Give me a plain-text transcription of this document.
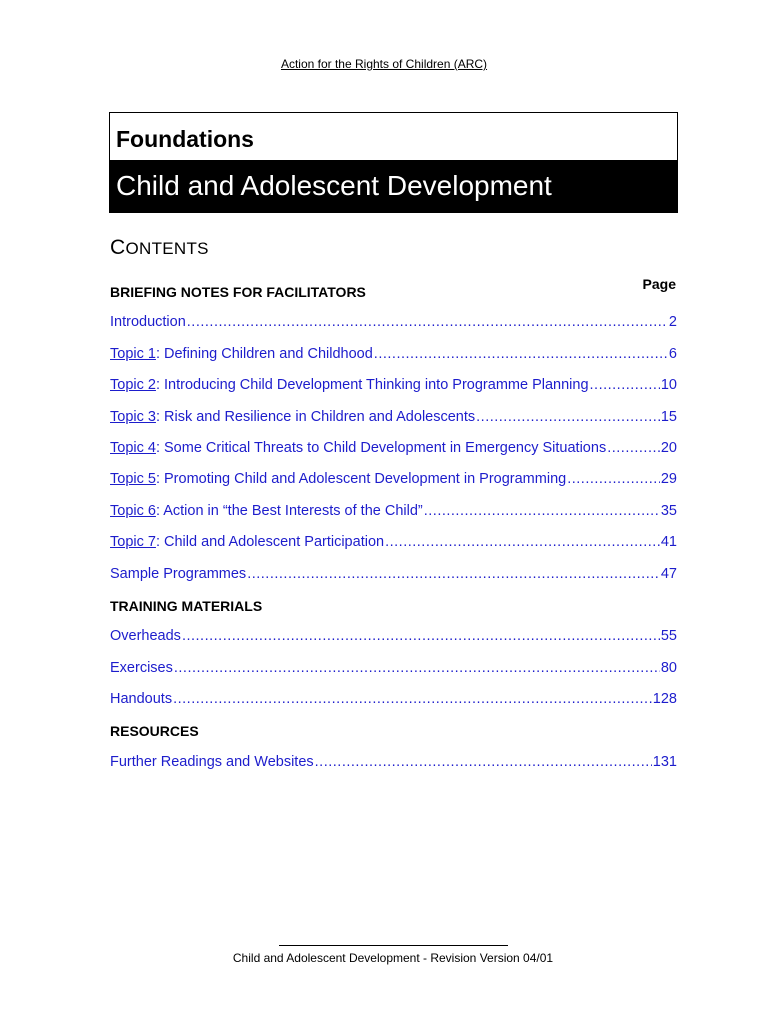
Action for the Rights of Children (ARC)
Foundations
Child and Adolescent Development
CONTENTS
Page
BRIEFING NOTES FOR FACILITATORS
Introduction .....	2
Topic 1 : Defining Children and Childhood .....	6
Topic 2 : Introducing Child Development Thinking into Programme Planning .....	10
Topic 3 : Risk and Resilience in Children and Adolescents .....	15
Topic 4 : Some Critical Threats to Child Development in Emergency Situations .....	20
Topic 5 : Promoting Child and Adolescent Development in Programming .....	29
Topic 6 : Action in “the Best Interests of the Child” .....	35
Topic 7 : Child and Adolescent Participation .....	41
Sample Programmes .....	47
TRAINING MATERIALS
Overheads .....	55
Exercises .....	80
Handouts .....	128
RESOURCES
Further Readings and Websites .....	131
Child and Adolescent Development - Revision Version 04/01
